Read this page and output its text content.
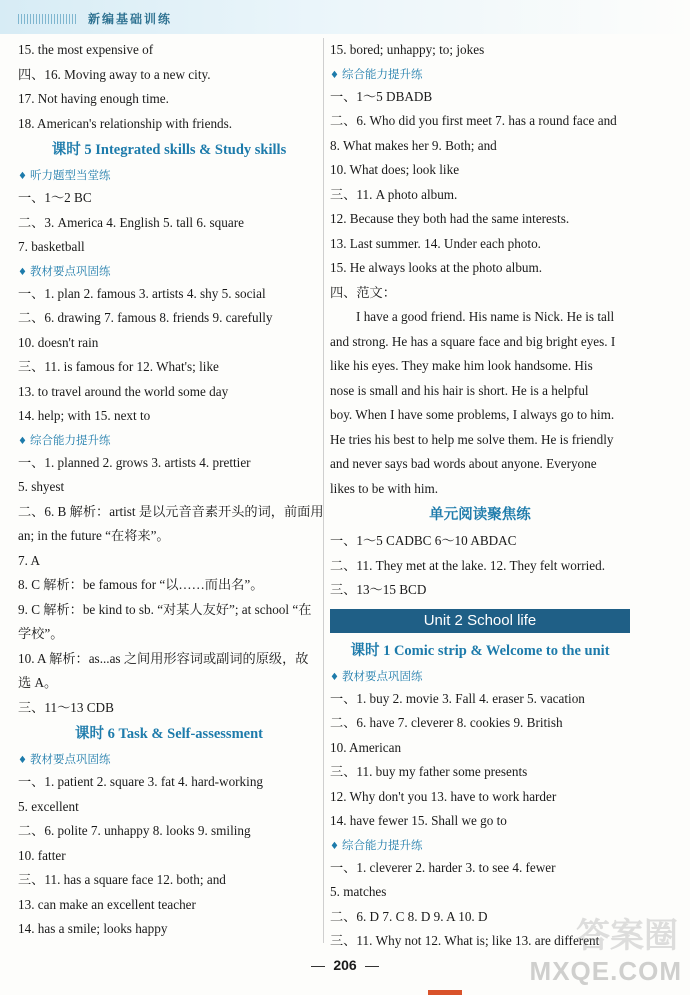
新编基础训练
15. the most expensive of
四、16. Moving away to a new city.
17. Not having enough time.
18. American's relationship with friends.
课时 5 Integrated skills & Study skills
♦ 听力题型当堂练
一、1～2 BC
二、3. America 4. English 5. tall 6. square
7. basketball
♦ 教材要点巩固练
一、1. plan 2. famous 3. artists 4. shy 5. social
二、6. drawing 7. famous 8. friends 9. carefully
10. doesn't rain
三、11. is famous for 12. What's; like
13. to travel around the world some day
14. help; with 15. next to
♦ 综合能力提升练
一、1. planned 2. grows 3. artists 4. prettier
5. shyest
二、6. B 解析：artist 是以元音音素开头的词，前面用
an; in the future “在将来”。
7. A
8. C 解析：be famous for “以……而出名”。
9. C 解析：be kind to sb. “对某人友好”; at school “在
学校”。
10. A 解析：as...as 之间用形容词或副词的原级，故
选 A。
三、11～13 CDB
课时 6 Task & Self-assessment
♦ 教材要点巩固练
一、1. patient 2. square 3. fat 4. hard-working
5. excellent
二、6. polite 7. unhappy 8. looks 9. smiling
10. fatter
三、11. has a square face 12. both; and
13. can make an excellent teacher
14. has a smile; looks happy
15. bored; unhappy; to; jokes
♦ 综合能力提升练
一、1～5 DBADB
二、6. Who did you first meet 7. has a round face and
8. What makes her 9. Both; and
10. What does; look like
三、11. A photo album.
12. Because they both had the same interests.
13. Last summer. 14. Under each photo.
15. He always looks at the photo album.
四、范文：
I have a good friend. His name is Nick. He is tall
and strong. He has a square face and big bright eyes. I
like his eyes. They make him look handsome. His
nose is small and his hair is short. He is a helpful
boy. When I have some problems, I always go to him.
He tries his best to help me solve them. He is friendly
and never says bad words about anyone. Everyone
likes to be with him.
单元阅读聚焦练
一、1～5 CADBC 6～10 ABDAC
二、11. They met at the lake. 12. They felt worried.
三、13～15 BCD
Unit 2 School life
课时 1 Comic strip & Welcome to the unit
♦ 教材要点巩固练
一、1. buy 2. movie 3. Fall 4. eraser 5. vacation
二、6. have 7. cleverer 8. cookies 9. British
10. American
三、11. buy my father some presents
12. Why don't you 13. have to work harder
14. have fewer 15. Shall we go to
♦ 综合能力提升练
一、1. cleverer 2. harder 3. to see 4. fewer
5. matches
二、6. D 7. C 8. D 9. A 10. D
三、11. Why not 12. What is; like 13. are different
206
答案圈
MXQE.COM
